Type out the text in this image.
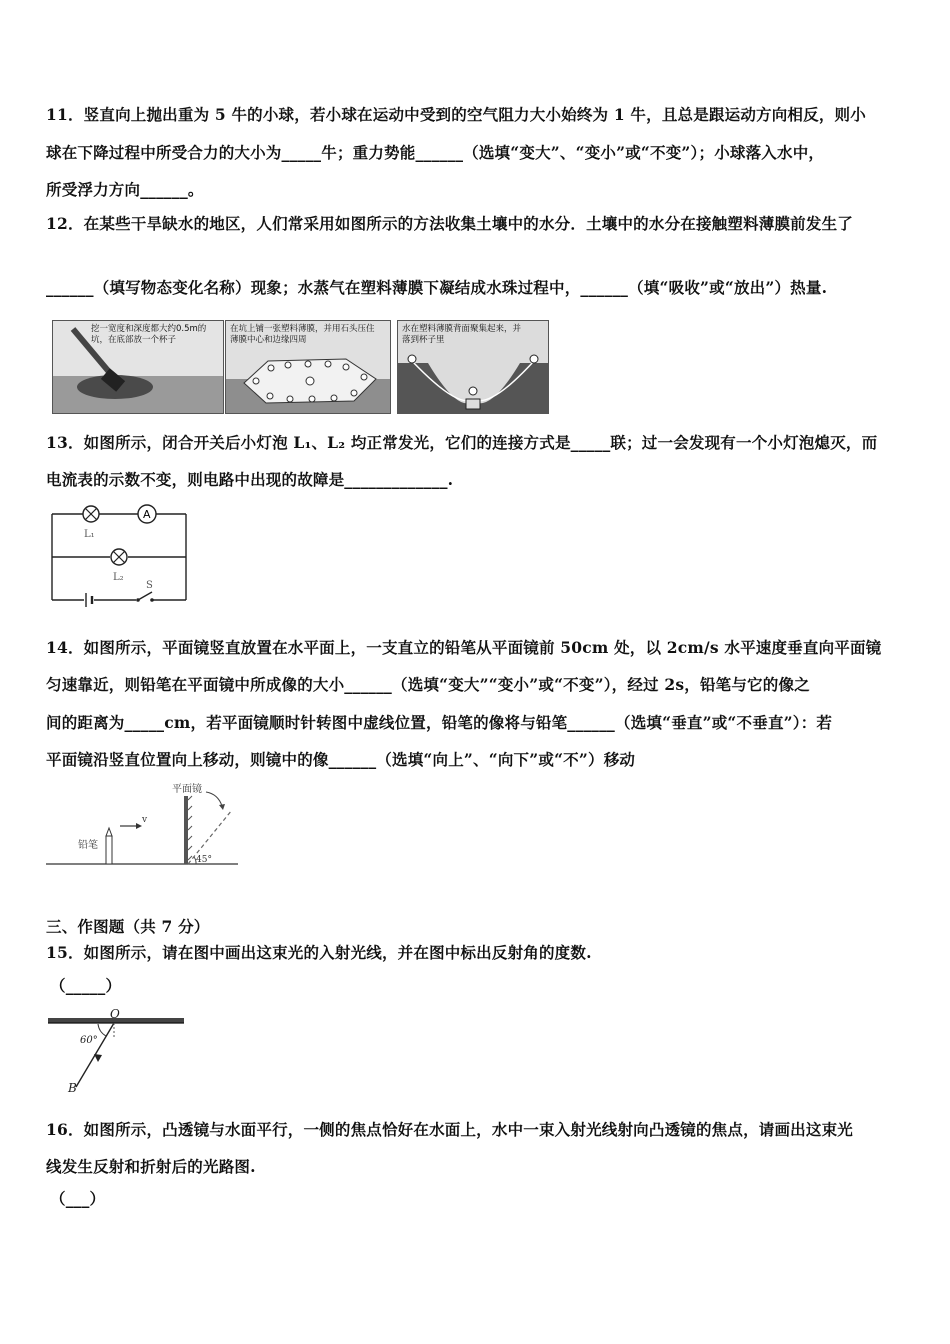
11．竖直向上抛出重为 5 牛的小球，若小球在运动中受到的空气阻力大小始终为 1 牛，且总是跟运动方向相反，则小
球在下降过程中所受合力的大小为_____牛；重力势能______（选填“变大”、“变小”或“不变”）；小球落入水中，
所受浮力方向______。
12．在某些干旱缺水的地区，人们常采用如图所示的方法收集土壤中的水分．土壤中的水分在接触塑料薄膜前发生了
______（填写物态变化名称）现象；水蒸气在塑料薄膜下凝结成水珠过程中，______（填“吸收”或“放出”）热量.
挖一宽度和深度都大约0.5m的坑，在底部放一个杯子
在坑上铺一张塑料薄膜，并用石头压住薄膜中心和边缘四周
水在塑料薄膜背面聚集起来，并落到杯子里
13．如图所示，闭合开关后小灯泡 L₁、L₂ 均正常发光，它们的连接方式是_____联；过一会发现有一个小灯泡熄灭，而
电流表的示数不变，则电路中出现的故障是_____________.
A
L₁
L₂
S
14．如图所示，平面镜竖直放置在水平面上，一支直立的铅笔从平面镜前 50cm 处，以 2cm/s 水平速度垂直向平面镜
匀速靠近，则铅笔在平面镜中所成像的大小______（选填“变大”“变小”或“不变”），经过 2s，铅笔与它的像之
间的距离为_____cm，若平面镜顺时针转图中虚线位置，铅笔的像将与铅笔______（选填“垂直”或“不垂直”）：若
平面镜沿竖直位置向上移动，则镜中的像______（选填“向上”、“向下”或“不”）移动
铅笔
v
平面镜
45°
三、作图题（共 7 分）
15．如图所示，请在图中画出这束光的入射光线，并在图中标出反射角的度数.
（_____）
60°
O
B
16．如图所示，凸透镜与水面平行，一侧的焦点恰好在水面上，水中一束入射光线射向凸透镜的焦点，请画出这束光
线发生反射和折射后的光路图.
（___）
